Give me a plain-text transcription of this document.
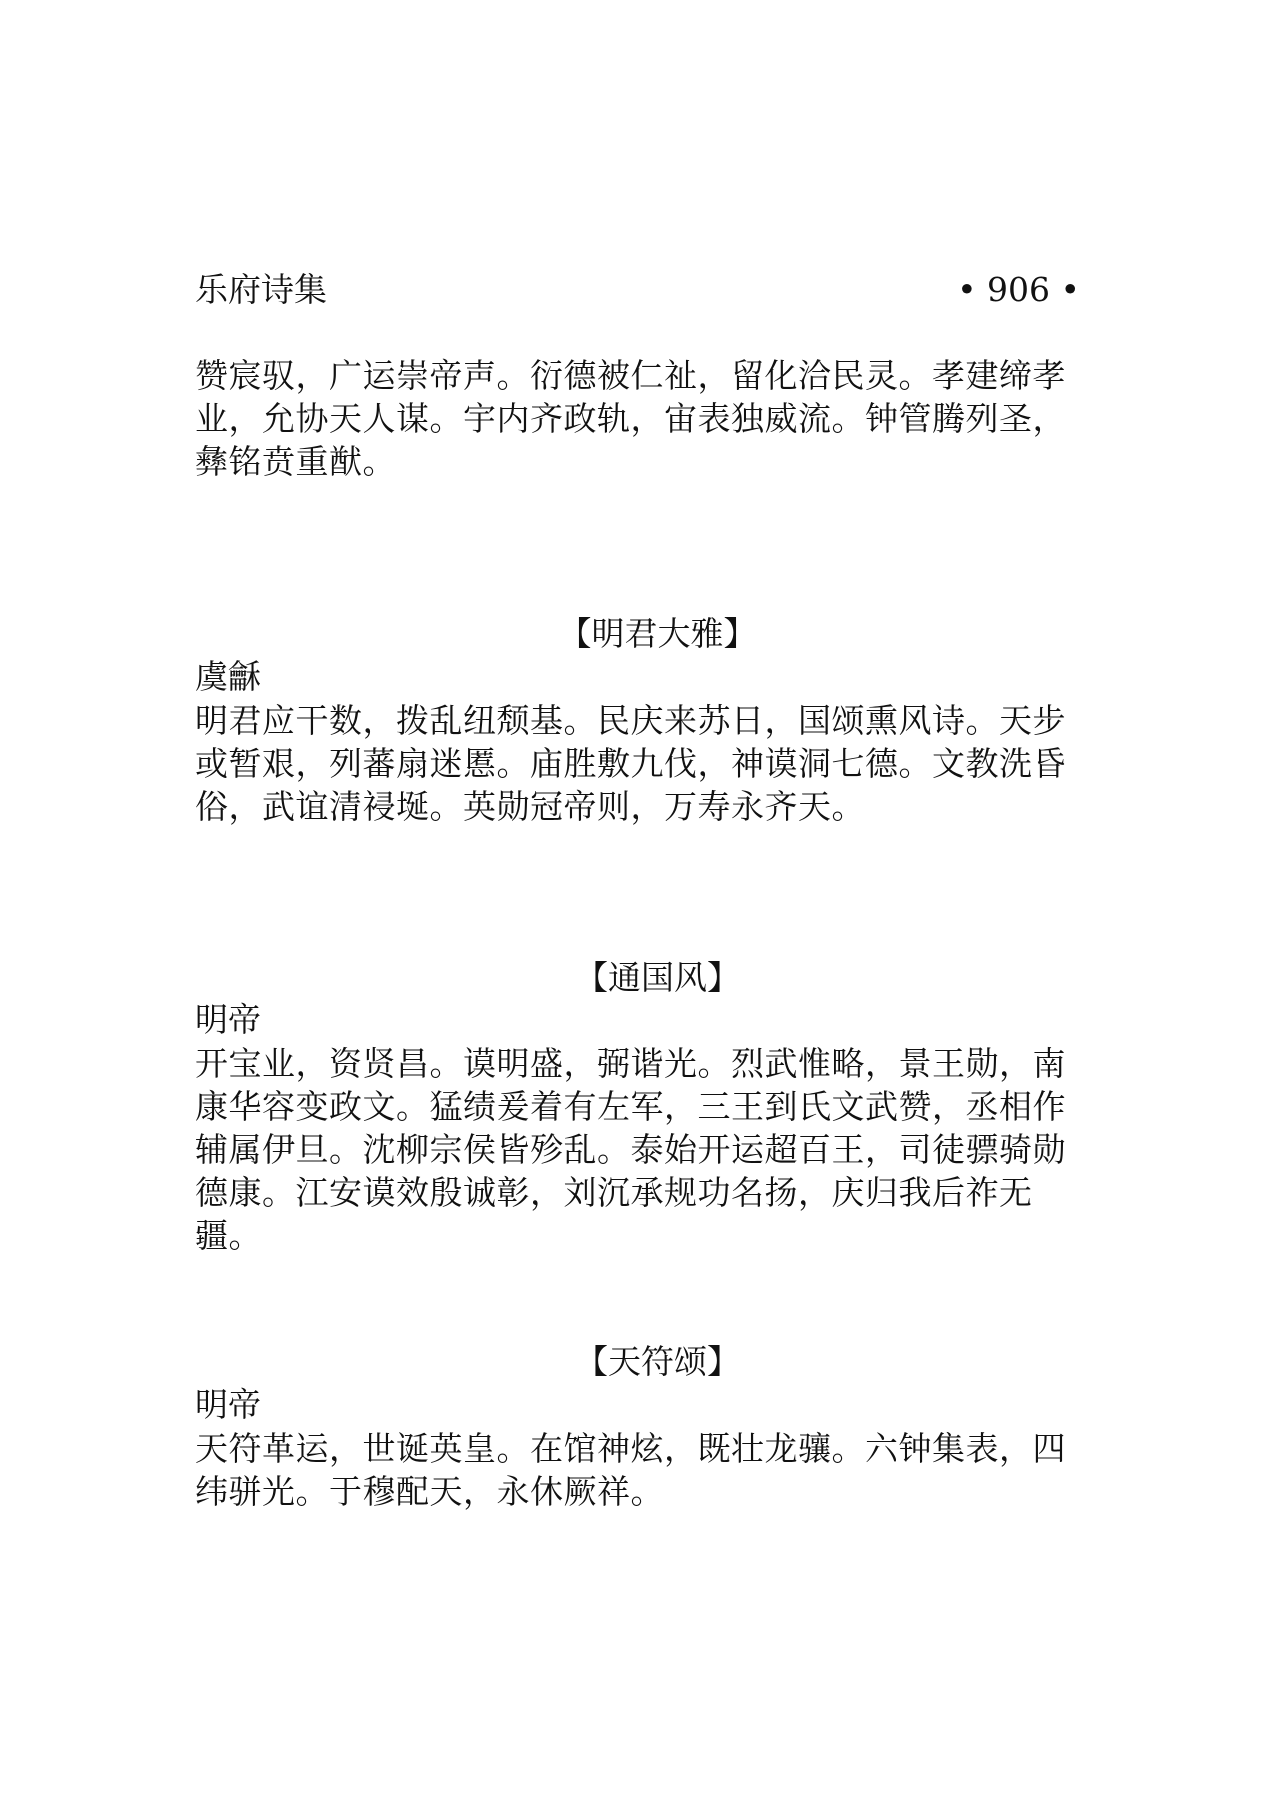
乐府诗集	• 906 •
赞宸驭，广运崇帝声。衍德被仁祉，留化洽民灵。孝建缔孝业，允协天人谋。宇内齐政轨，宙表独威流。钟管腾列圣，彝铭贲重猷。
【明君大雅】
虞龢
明君应干数，拨乱纽颓基。民庆来苏日，国颂熏风诗。天步或暂艰，列蕃扇迷慝。庙胜敷九伐，神谟洞七德。文教洗昏俗，武谊清祲埏。英勋冠帝则，万寿永齐天。
【通国风】
明帝
开宝业，资贤昌。谟明盛，弼谐光。烈武惟略，景王勋，南康华容变政文。猛绩爰着有左军，三王到氏文武赞，丞相作辅属伊旦。沈柳宗侯皆殄乱。泰始开运超百王，司徒骠骑勋德康。江安谟效殷诚彰，刘沉承规功名扬，庆归我后祚无疆。
【天符颂】
明帝
天符革运，世诞英皇。在馆神炫，既壮龙骧。六钟集表，四纬骈光。于穆配天，永休厥祥。
